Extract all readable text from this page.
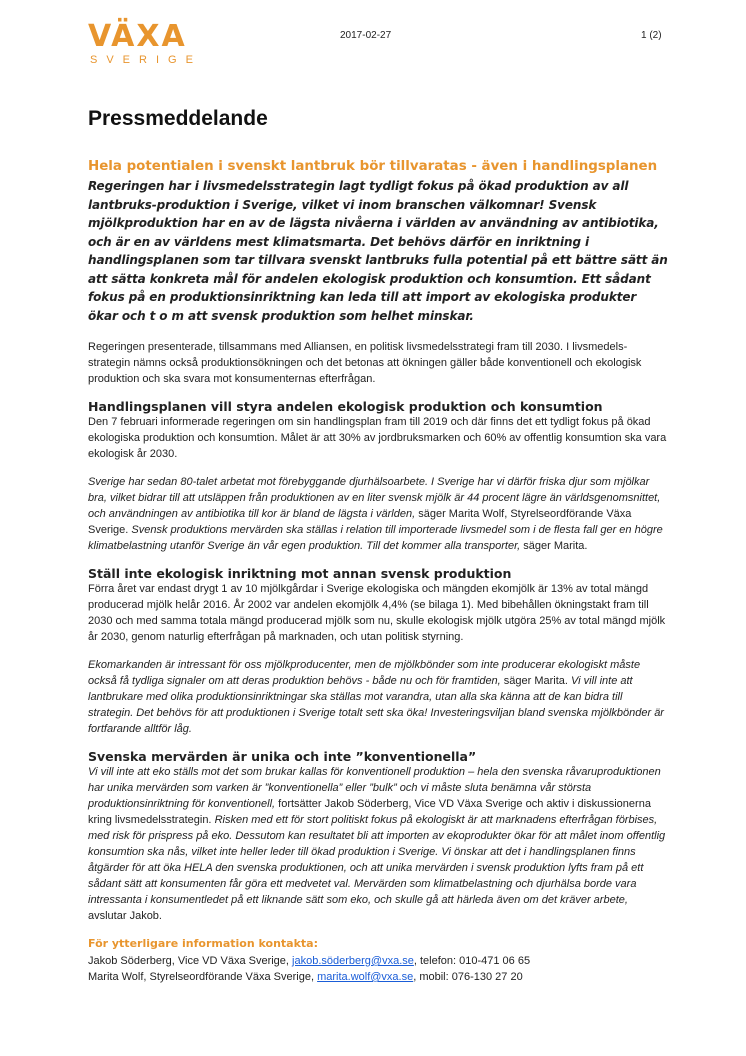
VÄXA
SVERIGE
2017-02-27	1 (2)
Pressmeddelande
Hela potentialen i svenskt lantbruk bör tillvaratas - även i handlingsplanen
Regeringen har i livsmedelsstrategin lagt tydligt fokus på ökad produktion av all lantbruks-produktion i Sverige, vilket vi inom branschen välkomnar! Svensk mjölkproduktion har en av de lägsta nivåerna i världen av användning av antibiotika, och är en av världens mest klimatsmarta. Det behövs därför en inriktning i handlingsplanen som tar tillvara svenskt lantbruks fulla potential på ett bättre sätt än att sätta konkreta mål för andelen ekologisk produktion och konsumtion. Ett sådant fokus på en produktionsinriktning kan leda till att import av ekologiska produkter ökar och t o m att svensk produktion som helhet minskar.

Regeringen presenterade, tillsammans med Alliansen, en politisk livsmedelsstrategi fram till 2030. I livsmedels-strategin nämns också produktionsökningen och det betonas att ökningen gäller både konventionell och ekologisk produktion och ska svara mot konsumenternas efterfrågan.

Handlingsplanen vill styra andelen ekologisk produktion och konsumtion

Den 7 februari informerade regeringen om sin handlingsplan fram till 2019 och där finns det ett tydligt fokus på ökad ekologiska produktion och konsumtion. Målet är att 30% av jordbruksmarken och 60% av offentlig konsumtion ska vara ekologisk år 2030.

Sverige har sedan 80-talet arbetat mot förebyggande djurhälsoarbete. I Sverige har vi därför friska djur som mjölkar bra, vilket bidrar till att utsläppen från produktionen av en liter svensk mjölk är 44 procent lägre än världsgenomsnittet, och användningen av antibiotika till kor är bland de lägsta i världen, säger Marita Wolf, Styrelseordförande Växa Sverige. Svensk produktions mervärden ska ställas i relation till importerade livsmedel som i de flesta fall ger en högre klimatbelastning utanför Sverige än vår egen produktion. Till det kommer alla transporter, säger Marita.

Ställ inte ekologisk inriktning mot annan svensk produktion

Förra året var endast drygt 1 av 10 mjölkgårdar i Sverige ekologiska och mängden ekomjölk är 13% av total mängd producerad mjölk helår 2016. År 2002 var andelen ekomjölk 4,4% (se bilaga 1). Med bibehållen ökningstakt fram till 2030 och med samma totala mängd producerad mjölk som nu, skulle ekologisk mjölk utgöra 25% av total mängd mjölk år 2030, genom naturlig efterfrågan på marknaden, och utan politisk styrning.

Ekomarkanden är intressant för oss mjölkproducenter, men de mjölkbönder som inte producerar ekologiskt måste också få tydliga signaler om att deras produktion behövs - både nu och för framtiden, säger Marita. Vi vill inte att lantbrukare med olika produktionsinriktningar ska ställas mot varandra, utan alla ska känna att de kan bidra till strategin. Det behövs för att produktionen i Sverige totalt sett ska öka! Investeringsviljan bland svenska mjölkbönder är fortfarande alltför låg.

Svenska mervärden är unika och inte ”konventionella”

Vi vill inte att eko ställs mot det som brukar kallas för konventionell produktion – hela den svenska råvaruproduktionen har unika mervärden som varken är ”konventionella” eller ”bulk” och vi måste sluta benämna vår största produktionsinriktning för konventionell, fortsätter Jakob Söderberg, Vice VD Växa Sverige och aktiv i diskussionerna kring livsmedelsstrategin. Risken med ett för stort politiskt fokus på ekologiskt är att marknadens efterfrågan förbises, med risk för prispress på eko. Dessutom kan resultatet bli att importen av ekoprodukter ökar för att målet inom offentlig konsumtion ska nås, vilket inte heller leder till ökad produktion i Sverige. Vi önskar att det i handlingsplanen finns åtgärder för att öka HELA den svenska produktionen, och att unika mervärden i svensk produktion lyfts fram på ett sådant sätt att konsumenten får göra ett medvetet val. Mervärden som klimatbelastning och djurhälsa borde vara intressanta i konsumentledet på ett liknande sätt som eko, och skulle gå att härleda även om det kräver arbete, avslutar Jakob.

För ytterligare information kontakta:
Jakob Söderberg, Vice VD Växa Sverige, jakob.söderberg@vxa.se, telefon: 010-471 06 65
Marita Wolf, Styrelseordförande Växa Sverige, marita.wolf@vxa.se, mobil: 076-130 27 20
